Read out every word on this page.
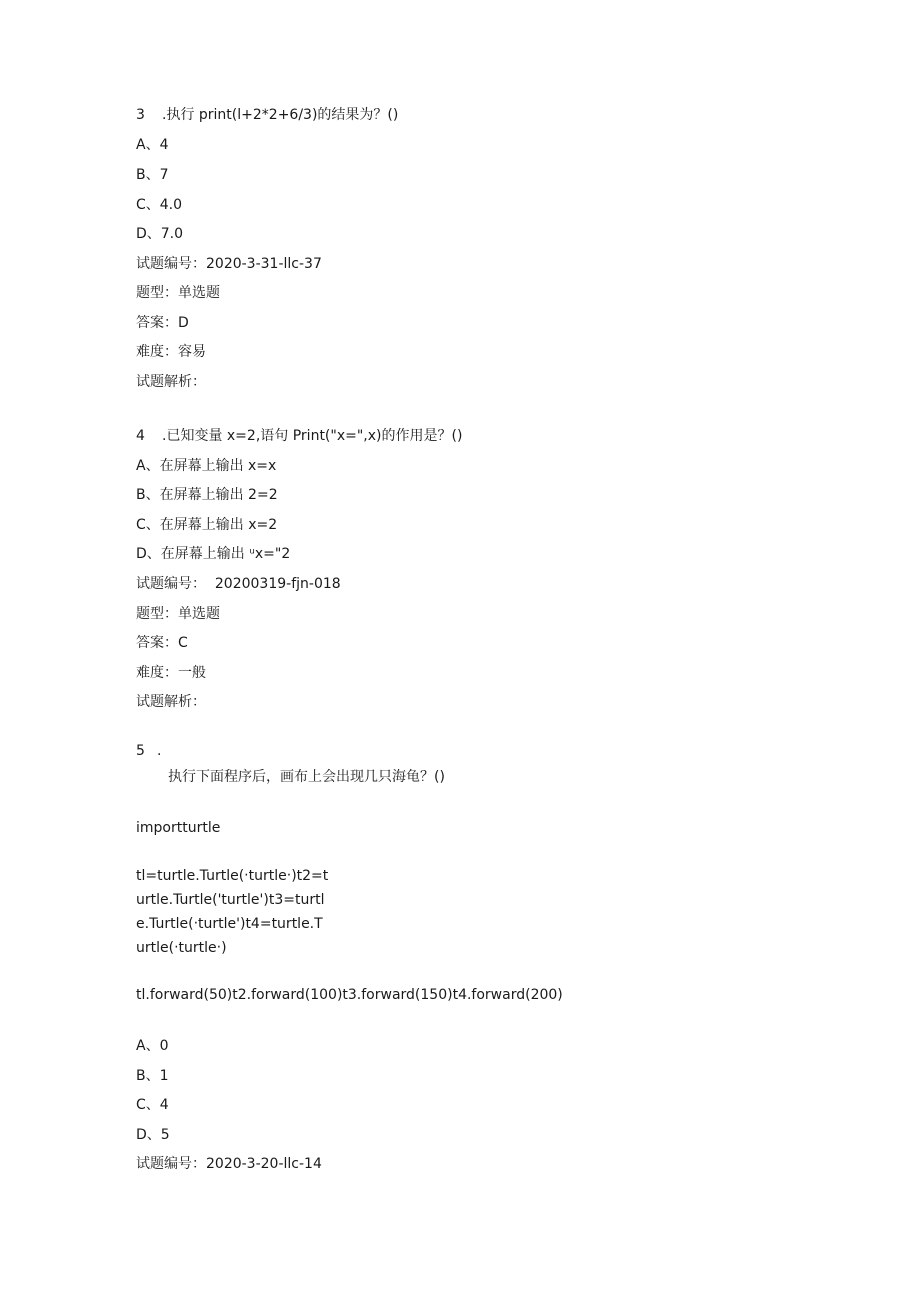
3 .执行 print(l+2*2+6/3)的结果为？()
A、4
B、7
C、4.0
D、7.0
试题编号：2020-3-31-llc-37
题型：单选题
答案：D
难度：容易
试题解析：
4 .已知变量 x=2,语句 Print("x=",x)的作用是？()
A、在屏幕上输出 x=x
B、在屏幕上输出 2=2
C、在屏幕上输出 x=2
D、在屏幕上输出 ᵘx="2
试题编号：  20200319-fjn-018
题型：单选题
答案：C
难度：一般
试题解析：
5 .
执行下面程序后，画布上会出现几只海龟？()
importturtle
tl=turtle.Turtle(‧turtle‧)t2=t
urtle.Turtle('turtle')t3=turtl
e.Turtle(‧turtle')t4=turtle.T
urtle(‧turtle‧)
tl.forward(50)t2.forward(100)t3.forward(150)t4.forward(200)
A、0
B、1
C、4
D、5
试题编号：2020-3-20-llc-14
